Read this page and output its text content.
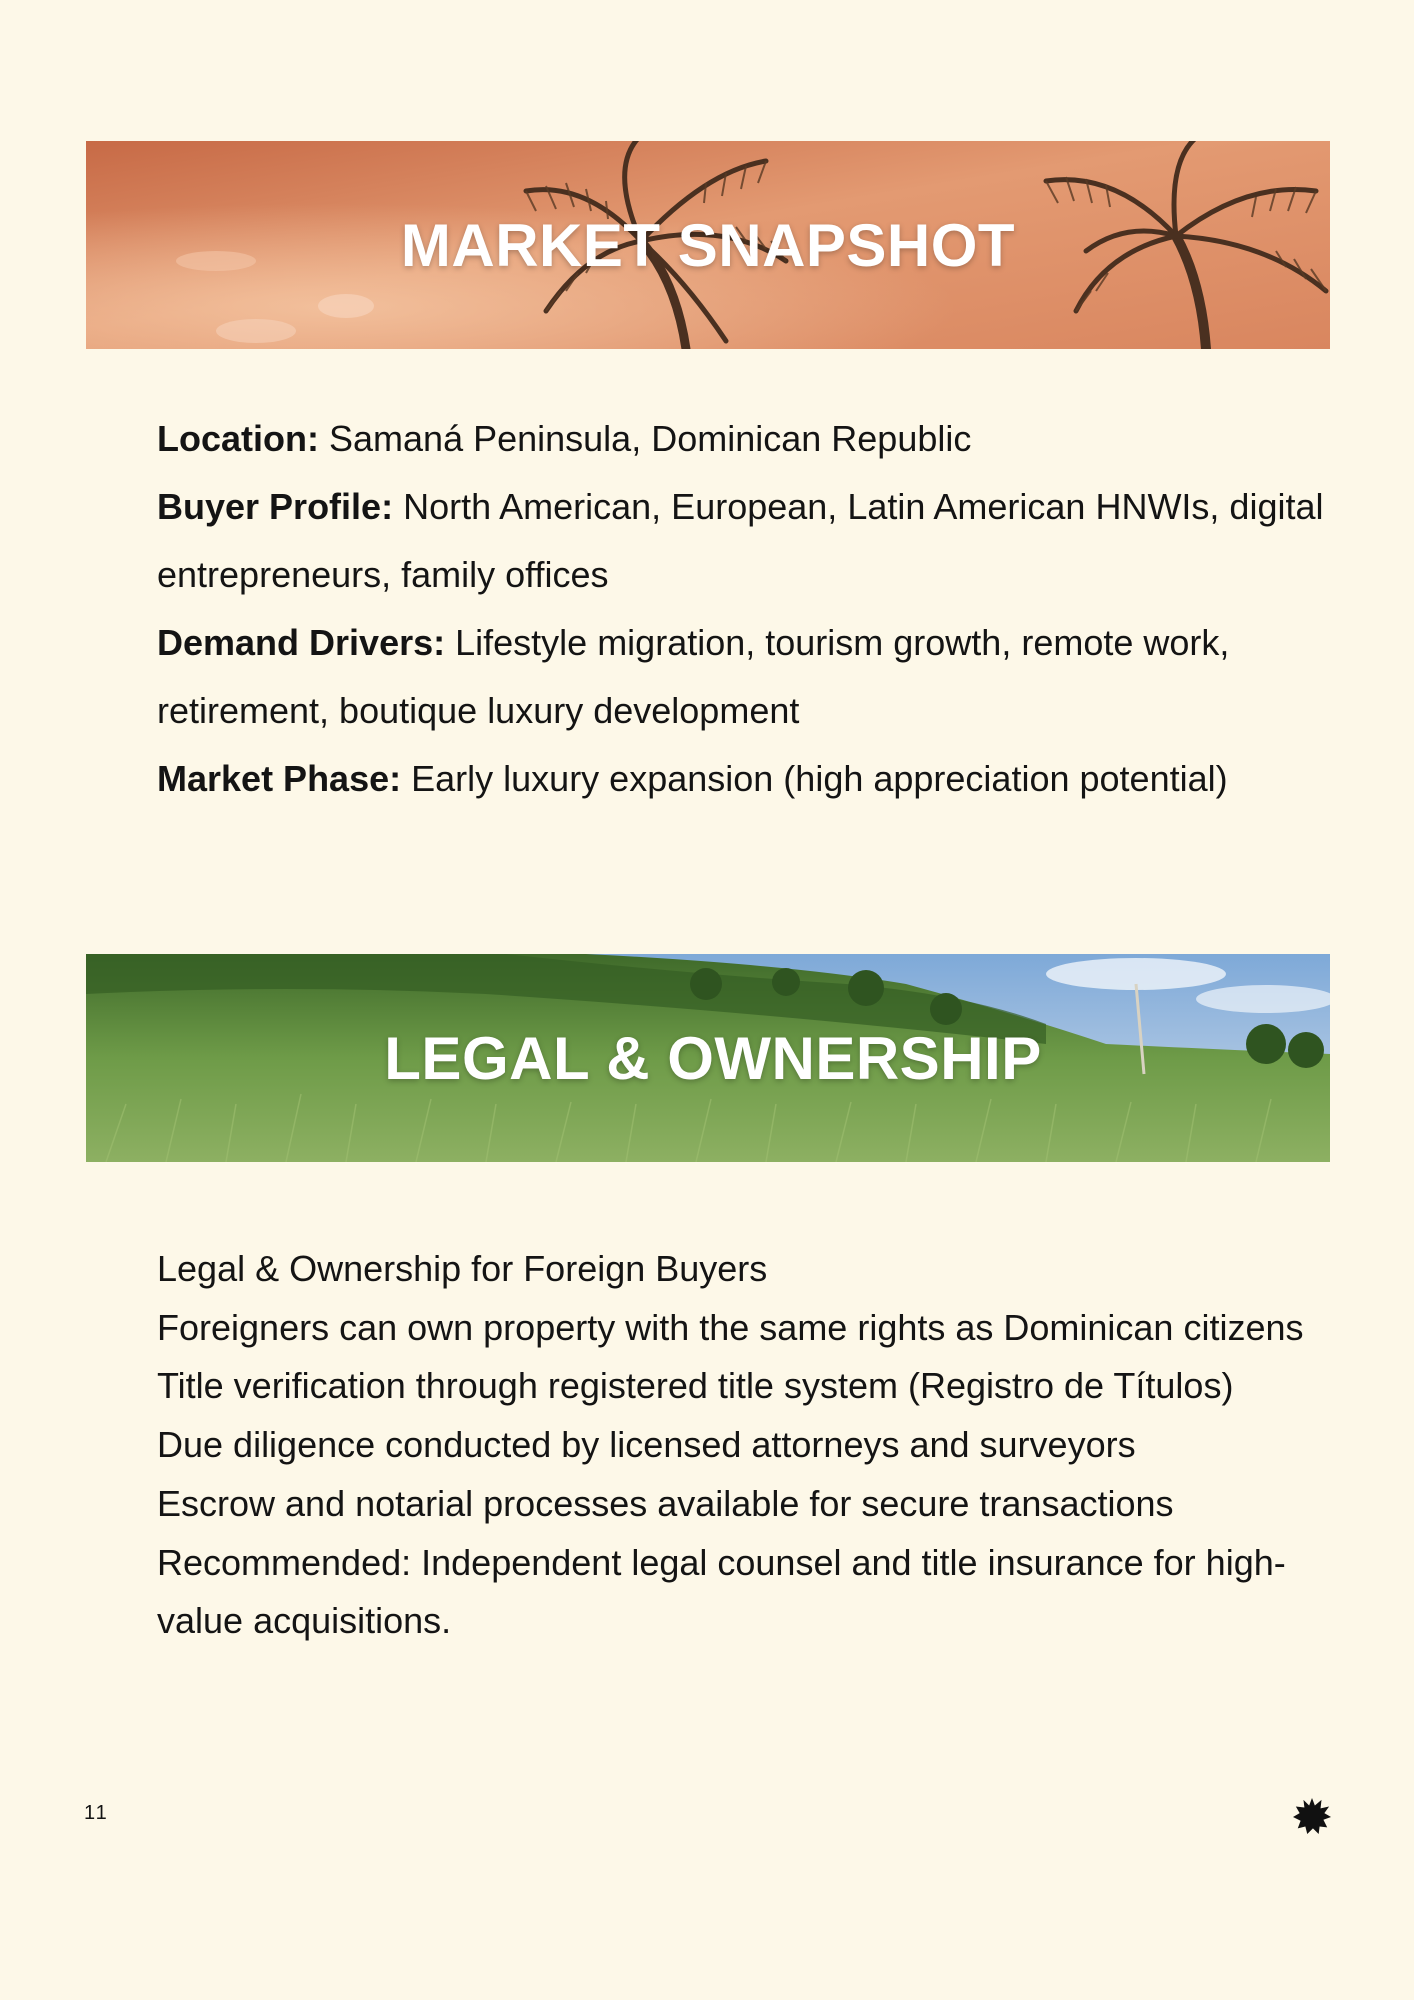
MARKET SNAPSHOT

Location: Samaná Peninsula, Dominican Republic

Buyer Profile: North American, European, Latin American HNWIs, digital entrepreneurs, family offices

Demand Drivers: Lifestyle migration, tourism growth, remote work, retirement, boutique luxury development

Market Phase: Early luxury expansion (high appreciation potential)

LEGAL & OWNERSHIP

Legal & Ownership for Foreign Buyers

Foreigners can own property with the same rights as Dominican citizens

Title verification through registered title system (Registro de Títulos)

Due diligence conducted by licensed attorneys and surveyors

Escrow and notarial processes available for secure transactions

Recommended: Independent legal counsel and title insurance for high-value acquisitions.

11
